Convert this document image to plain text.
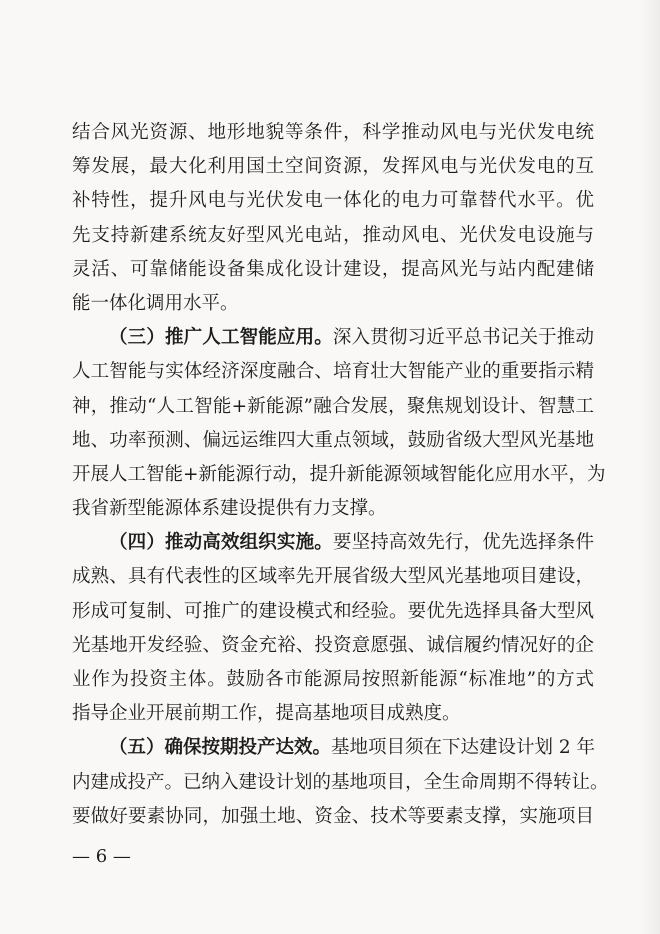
结合风光资源、地形地貌等条件，科学推动风电与光伏发电统
筹发展，最大化利用国土空间资源，发挥风电与光伏发电的互
补特性，提升风电与光伏发电一体化的电力可靠替代水平。优
先支持新建系统友好型风光电站，推动风电、光伏发电设施与
灵活、可靠储能设备集成化设计建设，提高风光与站内配建储
能一体化调用水平。
（三）推广人工智能应用。深入贯彻习近平总书记关于推动
人工智能与实体经济深度融合、培育壮大智能产业的重要指示精
神，推动“人工智能+新能源”融合发展，聚焦规划设计、智慧工
地、功率预测、偏远运维四大重点领域，鼓励省级大型风光基地
开展人工智能+新能源行动，提升新能源领域智能化应用水平，为
我省新型能源体系建设提供有力支撑。
（四）推动高效组织实施。要坚持高效先行，优先选择条件
成熟、具有代表性的区域率先开展省级大型风光基地项目建设，
形成可复制、可推广的建设模式和经验。要优先选择具备大型风
光基地开发经验、资金充裕、投资意愿强、诚信履约情况好的企
业作为投资主体。鼓励各市能源局按照新能源“标准地”的方式
指导企业开展前期工作，提高基地项目成熟度。
（五）确保按期投产达效。基地项目须在下达建设计划 2 年
内建成投产。已纳入建设计划的基地项目，全生命周期不得转让。
要做好要素协同，加强土地、资金、技术等要素支撑，实施项目
— 6 —
